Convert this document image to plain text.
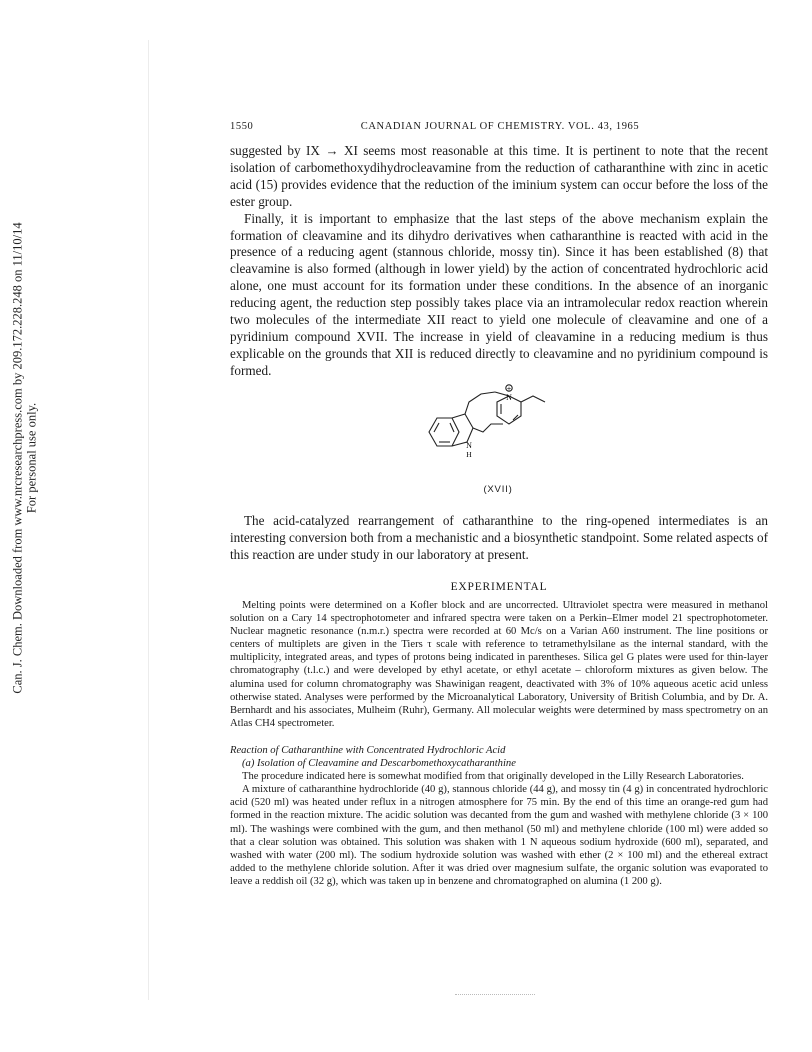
Can. J. Chem. Downloaded from www.nrcresearchpress.com by 209.172.228.248 on 11/10/14 For personal use only.
1550	CANADIAN JOURNAL OF CHEMISTRY. VOL. 43, 1965

suggested by IX → XI seems most reasonable at this time. It is pertinent to note that the recent isolation of carbomethoxydihydrocleavamine from the reduction of catharanthine with zinc in acetic acid (15) provides evidence that the reduction of the iminium system can occur before the loss of the ester group.

Finally, it is important to emphasize that the last steps of the above mechanism explain the formation of cleavamine and its dihydro derivatives when catharanthine is reacted with acid in the presence of a reducing agent (stannous chloride, mossy tin). Since it has been established (8) that cleavamine is also formed (although in lower yield) by the action of concentrated hydrochloric acid alone, one must account for its formation under these conditions. In the absence of an inorganic reducing agent, the reduction step possibly takes place via an intramolecular redox reaction wherein two molecules of the intermediate XII react to yield one molecule of cleavamine and one of a pyridinium compound XVII. The increase in yield of cleavamine in a reducing medium is thus explicable on the grounds that XII is reduced directly to cleavamine and no pyridinium compound is formed.

+
N
N
H
(XVII)

The acid-catalyzed rearrangement of catharanthine to the ring-opened intermediates is an interesting conversion both from a mechanistic and a biosynthetic standpoint. Some related aspects of this reaction are under study in our laboratory at present.

EXPERIMENTAL

Melting points were determined on a Kofler block and are uncorrected. Ultraviolet spectra were measured in methanol solution on a Cary 14 spectrophotometer and infrared spectra were taken on a Perkin–Elmer model 21 spectrophotometer. Nuclear magnetic resonance (n.m.r.) spectra were recorded at 60 Mc/s on a Varian A60 instrument. The line positions or centers of multiplets are given in the Tiers τ scale with reference to tetramethylsilane as the internal standard, with the multiplicity, integrated areas, and types of protons being indicated in parentheses. Silica gel G plates were used for thin-layer chromatography (t.l.c.) and were developed by ethyl acetate, or ethyl acetate – chloroform mixtures as given below. The alumina used for column chromatography was Shawinigan reagent, deactivated with 3% of 10% aqueous acetic acid unless otherwise stated. Analyses were performed by the Microanalytical Laboratory, University of British Columbia, and by Dr. A. Bernhardt and his associates, Mulheim (Ruhr), Germany. All molecular weights were determined by mass spectrometry on an Atlas CH4 spectrometer.

Reaction of Catharanthine with Concentrated Hydrochloric Acid

(a) Isolation of Cleavamine and Descarbomethoxycatharanthine

The procedure indicated here is somewhat modified from that originally developed in the Lilly Research Laboratories.

A mixture of catharanthine hydrochloride (40 g), stannous chloride (44 g), and mossy tin (4 g) in concentrated hydrochloric acid (520 ml) was heated under reflux in a nitrogen atmosphere for 75 min. By the end of this time an orange-red gum had formed in the reaction mixture. The acidic solution was decanted from the gum and washed with methylene chloride (3 × 100 ml). The washings were combined with the gum, and then methanol (50 ml) and methylene chloride (100 ml) were added so that a clear solution was obtained. This solution was shaken with 1 N aqueous sodium hydroxide (600 ml), separated, and washed with water (200 ml). The sodium hydroxide solution was washed with ether (2 × 100 ml) and the ethereal extract added to the methylene chloride solution. After it was dried over magnesium sulfate, the organic solution was evaporated to leave a reddish oil (32 g), which was taken up in benzene and chromatographed on alumina (1 200 g).
